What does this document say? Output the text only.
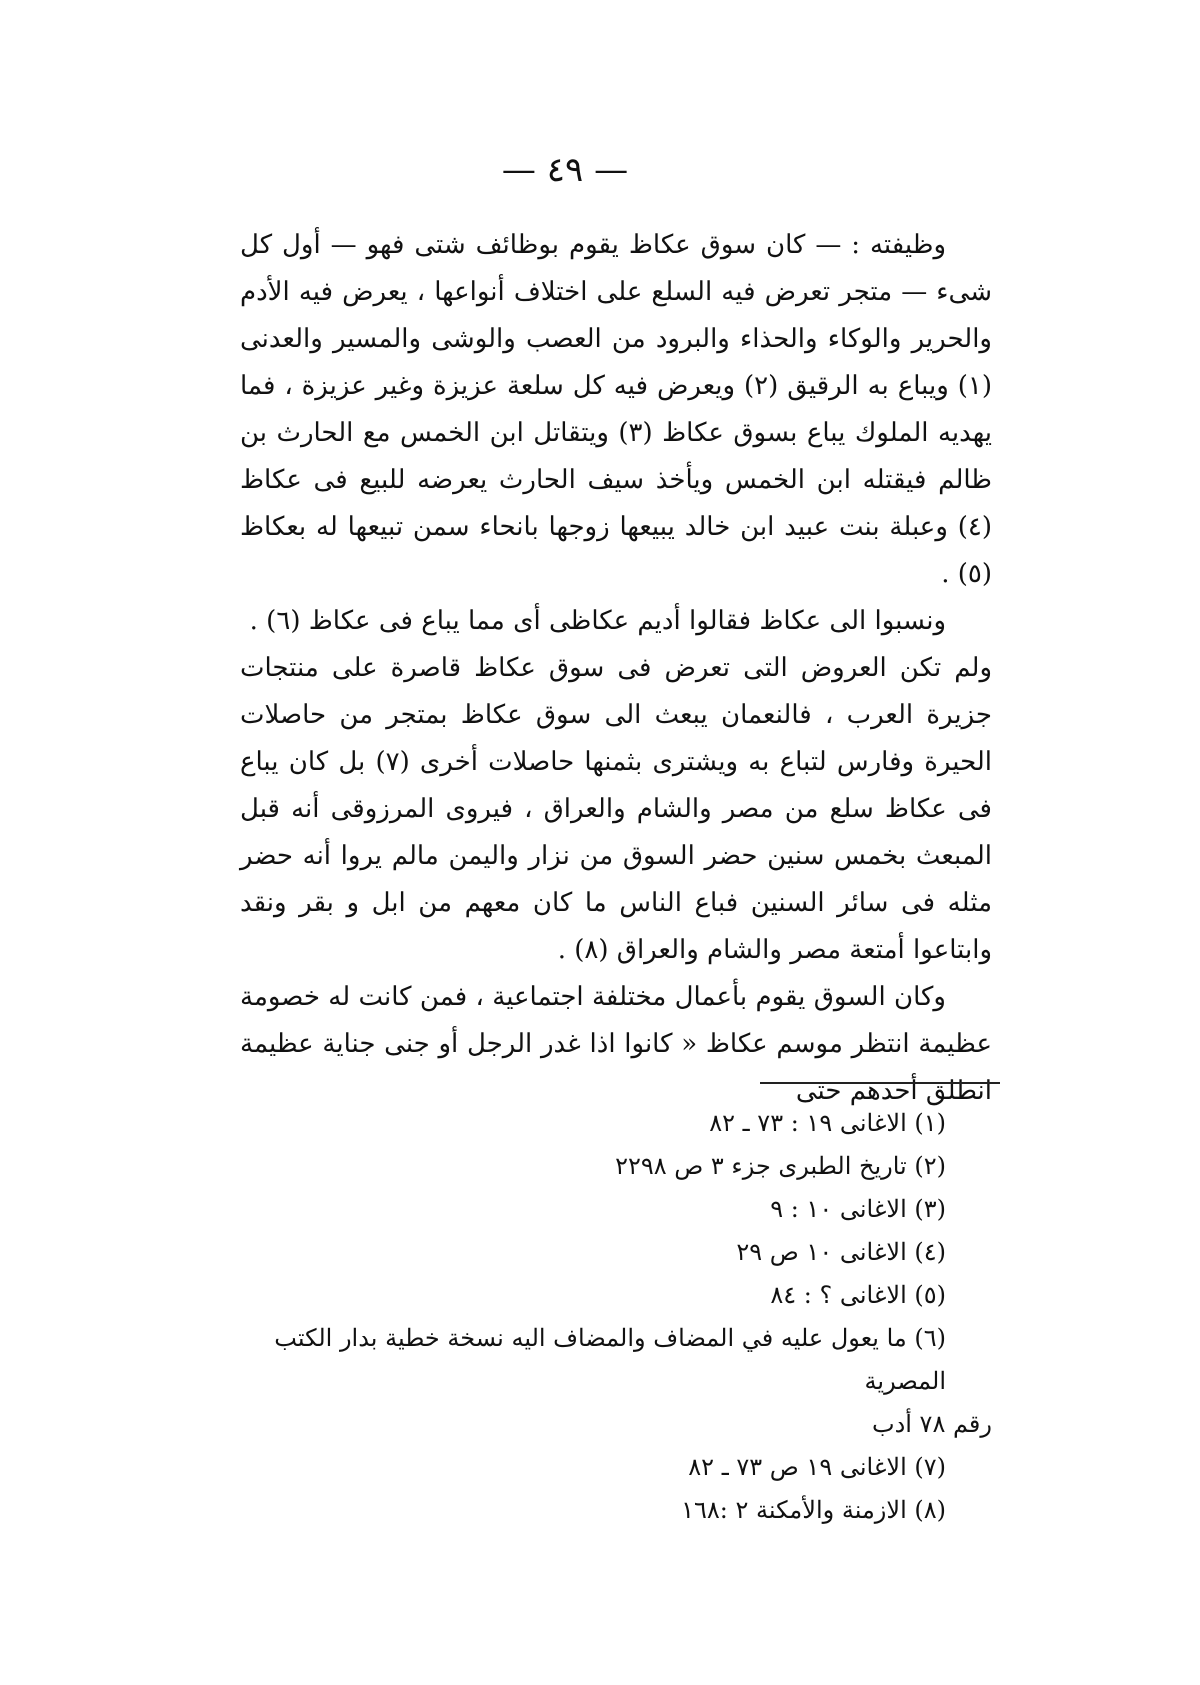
— ٤٩ —

وظيفته : — كان سوق عكاظ يقوم بوظائف شتى فهو — أول كل شىء — متجر تعرض فيه السلع على اختلاف أنواعها ، يعرض فيه الأدم والحرير والوكاء والحذاء والبرود من العصب والوشى والمسير والعدنى (١) ويباع به الرقيق (٢) ويعرض فيه كل سلعة عزيزة وغير عزيزة ، فما يهديه الملوك يباع بسوق عكاظ (٣) ويتقاتل ابن الخمس مع الحارث بن ظالم فيقتله ابن الخمس ويأخذ سيف الحارث يعرضه للبيع فى عكاظ (٤) وعبلة بنت عبيد ابن خالد يبيعها زوجها بانحاء سمن تبيعها له بعكاظ (٥) .

ونسبوا الى عكاظ فقالوا أديم عكاظى أى مما يباع فى عكاظ (٦) .

ولم تكن العروض التى تعرض فى سوق عكاظ قاصرة على منتجات جزيرة العرب ، فالنعمان يبعث الى سوق عكاظ بمتجر من حاصلات الحيرة وفارس لتباع به ويشترى بثمنها حاصلات أخرى (٧) بل كان يباع فى عكاظ سلع من مصر والشام والعراق ، فيروى المرزوقى أنه قبل المبعث بخمس سنين حضر السوق من نزار واليمن مالم يروا أنه حضر مثله فى سائر السنين فباع الناس ما كان معهم من ابل و بقر ونقد وابتاعوا أمتعة مصر والشام والعراق (٨) .

وكان السوق يقوم بأعمال مختلفة اجتماعية ، فمن كانت له خصومة عظيمة انتظر موسم عكاظ « كانوا اذا غدر الرجل أو جنى جناية عظيمة انطلق أحدهم حتى

(١) الاغانى ١٩ : ٧٣ ـ ٨٢
(٢) تاريخ الطبرى جزء ٣ ص ٢٢٩٨
(٣) الاغانى ١٠ : ٩
(٤) الاغانى ١٠ ص ٢٩
(٥) الاغانى ؟ : ٨٤
(٦) ما يعول عليه في المضاف والمضاف اليه نسخة خطية بدار الكتب المصرية
رقم ٧٨ أدب
(٧) الاغانى ١٩ ص ٧٣ ـ ٨٢
(٨) الازمنة والأمكنة ٢ :١٦٨
